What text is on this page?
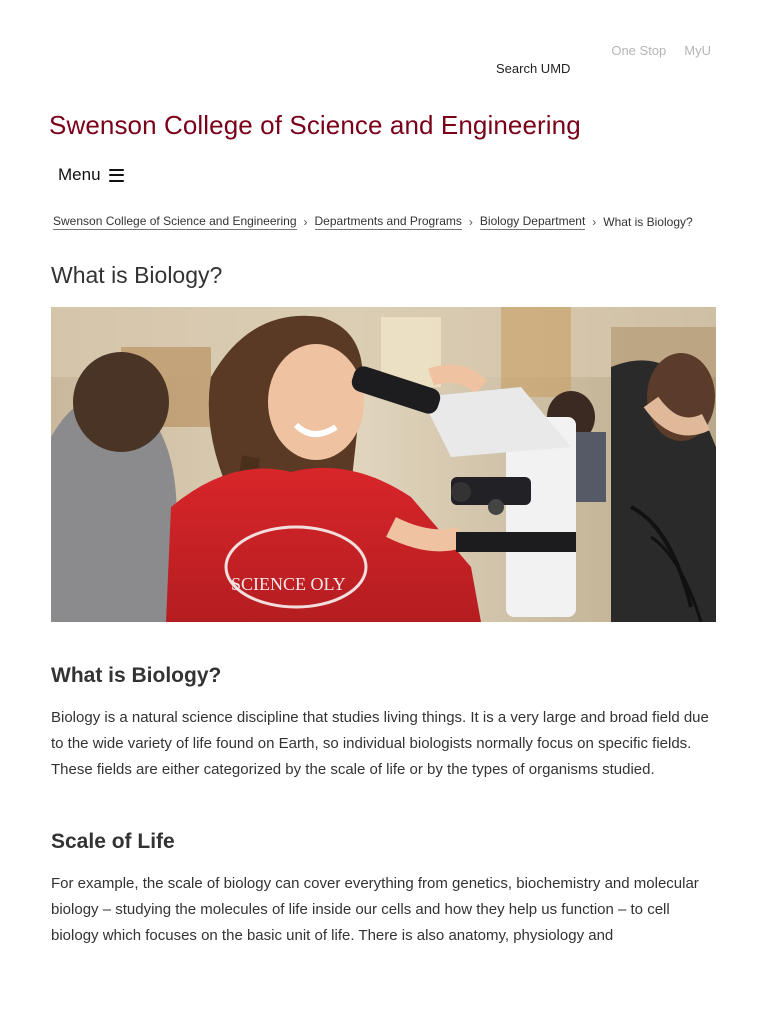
One Stop MyU
Search UMD
Swenson College of Science and Engineering
Menu
Swenson College of Science and Engineering › Departments and Programs › Biology Department › What is Biology?
What is Biology?
SCIENCE OLY
What is Biology?

Biology is a natural science discipline that studies living things. It is a very large and broad field due to the wide variety of life found on Earth, so individual biologists normally focus on specific fields. These fields are either categorized by the scale of life or by the types of organisms studied.

Scale of Life

For example, the scale of biology can cover everything from genetics, biochemistry and molecular biology – studying the molecules of life inside our cells and how they help us function – to cell biology which focuses on the basic unit of life. There is also anatomy, physiology and
